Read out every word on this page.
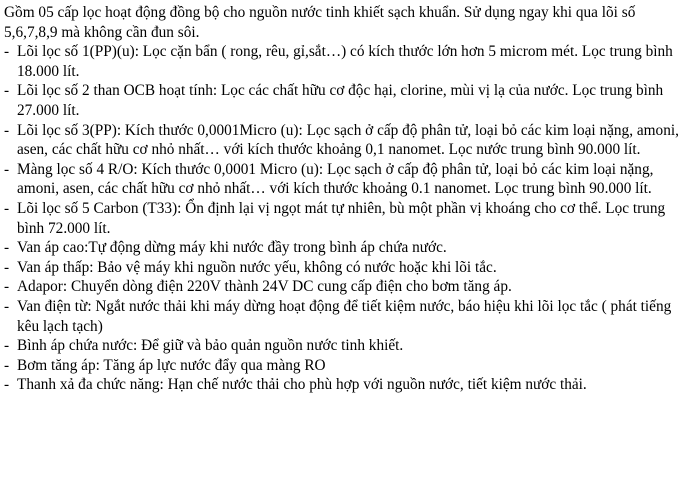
Gồm 05 cấp lọc hoạt động đồng bộ cho nguồn nước tinh khiết sạch khuẩn. Sử dụng ngay khi qua lõi số 5,6,7,8,9 mà không cần đun sôi.

- Lõi lọc số 1(PP)(u): Lọc cặn bẩn ( rong, rêu, gỉ,sắt…) có kích thước lớn hơn 5 microm mét. Lọc trung bình 18.000 lít.
- Lõi lọc số 2 than OCB hoạt tính: Lọc các chất hữu cơ độc hại, clorine, mùi vị lạ của nước. Lọc trung bình 27.000 lít.
- Lõi lọc số 3(PP): Kích thước 0,0001Micro (u): Lọc sạch ở cấp độ phân tử, loại bỏ các kim loại nặng, amoni, asen, các chất hữu cơ nhỏ nhất… với kích thước khoảng 0,1 nanomet. Lọc nước trung bình 90.000 lít.
- Màng lọc số 4 R/O: Kích thước 0,0001 Micro (u): Lọc sạch ở cấp độ phân tử, loại bỏ các kim loại nặng, amoni, asen, các chất hữu cơ nhỏ nhất… với kích thước khoảng 0.1 nanomet. Lọc trung bình 90.000 lít.
- Lõi lọc số 5 Carbon (T33): Ổn định lại vị ngọt mát tự nhiên, bù một phần vị khoáng cho cơ thể. Lọc trung bình 72.000 lít.
- Van áp cao:Tự động dừng máy khi nước đầy trong bình áp chứa nước.
- Van áp thấp: Bảo vệ máy khi nguồn nước yếu, không có nước hoặc khi lõi tắc.
- Adapor: Chuyển dòng điện 220V thành 24V DC cung cấp điện cho bơm tăng áp.
- Van điện từ: Ngắt nước thải khi máy dừng hoạt động để tiết kiệm nước, báo hiệu khi lõi lọc tắc ( phát tiếng kêu lạch tạch)
- Bình áp chứa nước: Để giữ và bảo quản nguồn nước tinh khiết.
- Bơm tăng áp: Tăng áp lực nước đẩy qua màng RO
- Thanh xả đa chức năng: Hạn chế nước thải cho phù hợp với nguồn nước, tiết kiệm nước thải.
